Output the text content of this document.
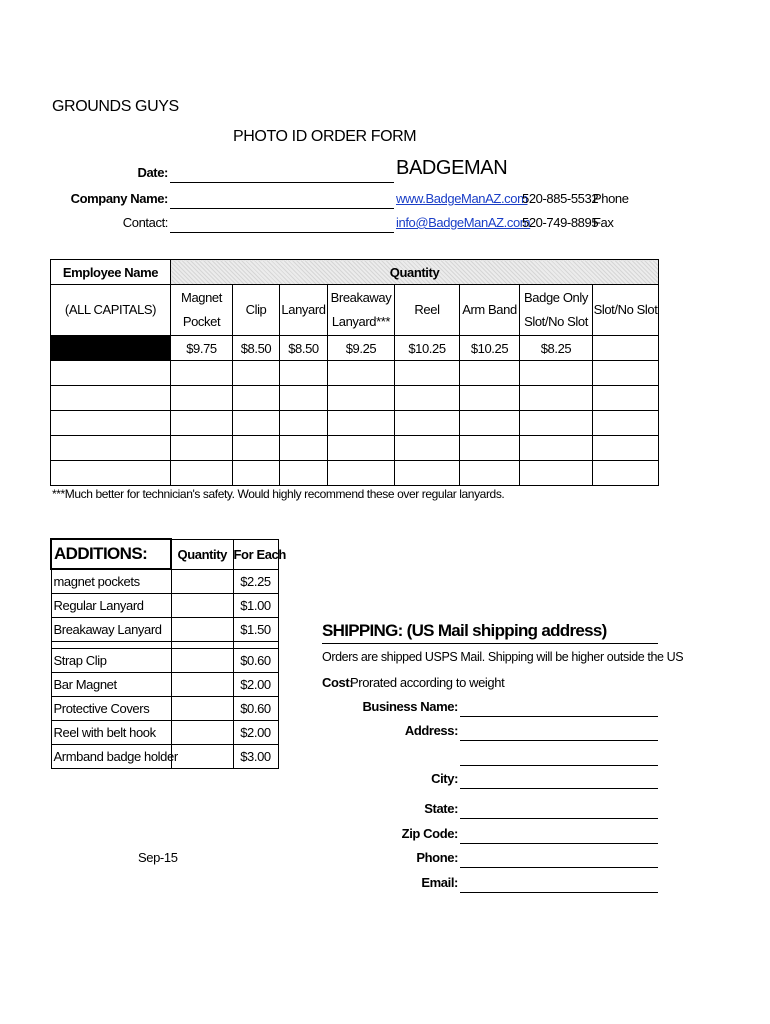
GROUNDS GUYS
PHOTO ID ORDER FORM
BADGEMAN
Date:
Company Name:
Contact:
www.BadgeManAZ.com
info@BadgeManAZ.com
520-885-5532
Phone
520-749-8895
Fax
Employee Name	Quantity							
(ALL CAPITALS)	Magnet Pocket	Clip	Lanyard	Breakaway Lanyard***	Reel	Arm Band	Badge Only Slot/No Slot	Slot/No Slot
	$9.75	$8.50	$8.50	$9.25	$10.25	$10.25	$8.25	

***Much better for technician's safety. Would highly recommend these over regular lanyards.
ADDITIONS:	Quantity	For Each
magnet pockets		$2.25
Regular Lanyard		$1.00
Breakaway Lanyard		$1.50

Strap Clip		$0.60
Bar Magnet		$2.00
Protective Covers		$0.60
Reel with belt hook		$2.00
Armband badge holder		$3.00
SHIPPING: (US Mail shipping address)
Orders are shipped USPS Mail. Shipping will be higher outside the US
Cost:
Prorated according to weight
Business Name:
Address:
City:
State:
Zip Code:
Phone:
Email:
Sep-15
